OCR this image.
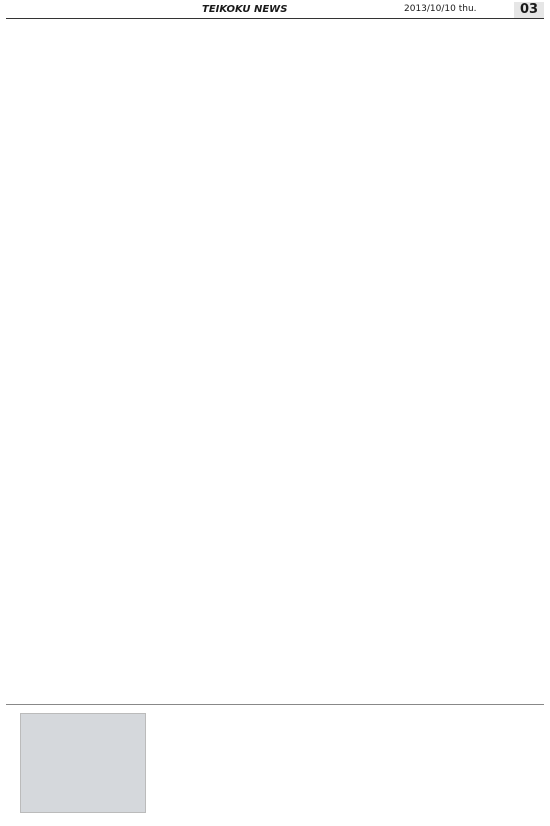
TEIKOKU NEWS	2013/10/10 thu.	03
